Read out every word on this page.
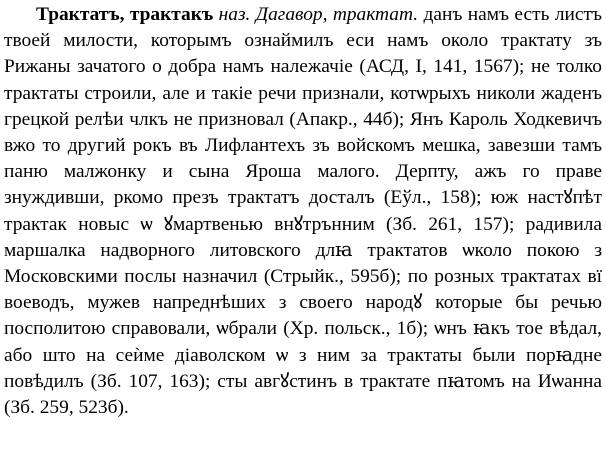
Трактатъ, трактакъ наз. Дагавор, трактат. данъ намъ есть листъ твоей милости, которымъ ознаймилъ еси намъ около трактату зъ Рижаны зачатого о добра намъ належачіе (АСД, I, 141, 1567); не толко трактаты строили, але и такіе речи признали, котѡрыхъ николи жаденъ грецкой релѣи члкъ не призновал (Апакр., 44б); Янъ Кароль Ходкевичъ вжо то другий рокъ въ Лифлантехъ зъ войскомъ мешка, завезши тамъ паню малжонку и сына Яроша малого. Дерпту, ажъ го праве знуждивши, ркомо презъ трактатъ досталъ (Еўл., 158); юж настꙋпѣт трактак новыс ѡ ꙋмартвенью внꙋтрънним (Зб. 261, 157); радивила маршалка надворного литовского длꙗ трактатов ѡколо покою з Московскими послы назначил (Стрыйк., 595б); по розных трактатах вї воеводъ, мужев напреднѣших з своего народꙋ которые бы речью посполитою справовали, ѡбрали (Хр. польск., 1б); ѡнъ ꙗкъ тое вѣдал, або што на сеѝме діаволском ѡ з ним за трактаты были порꙗдне повѣдилъ (Зб. 107, 163); сты авгꙋстинъ в трактате пꙗтомъ на Иѡанна (Зб. 259, 523б).
